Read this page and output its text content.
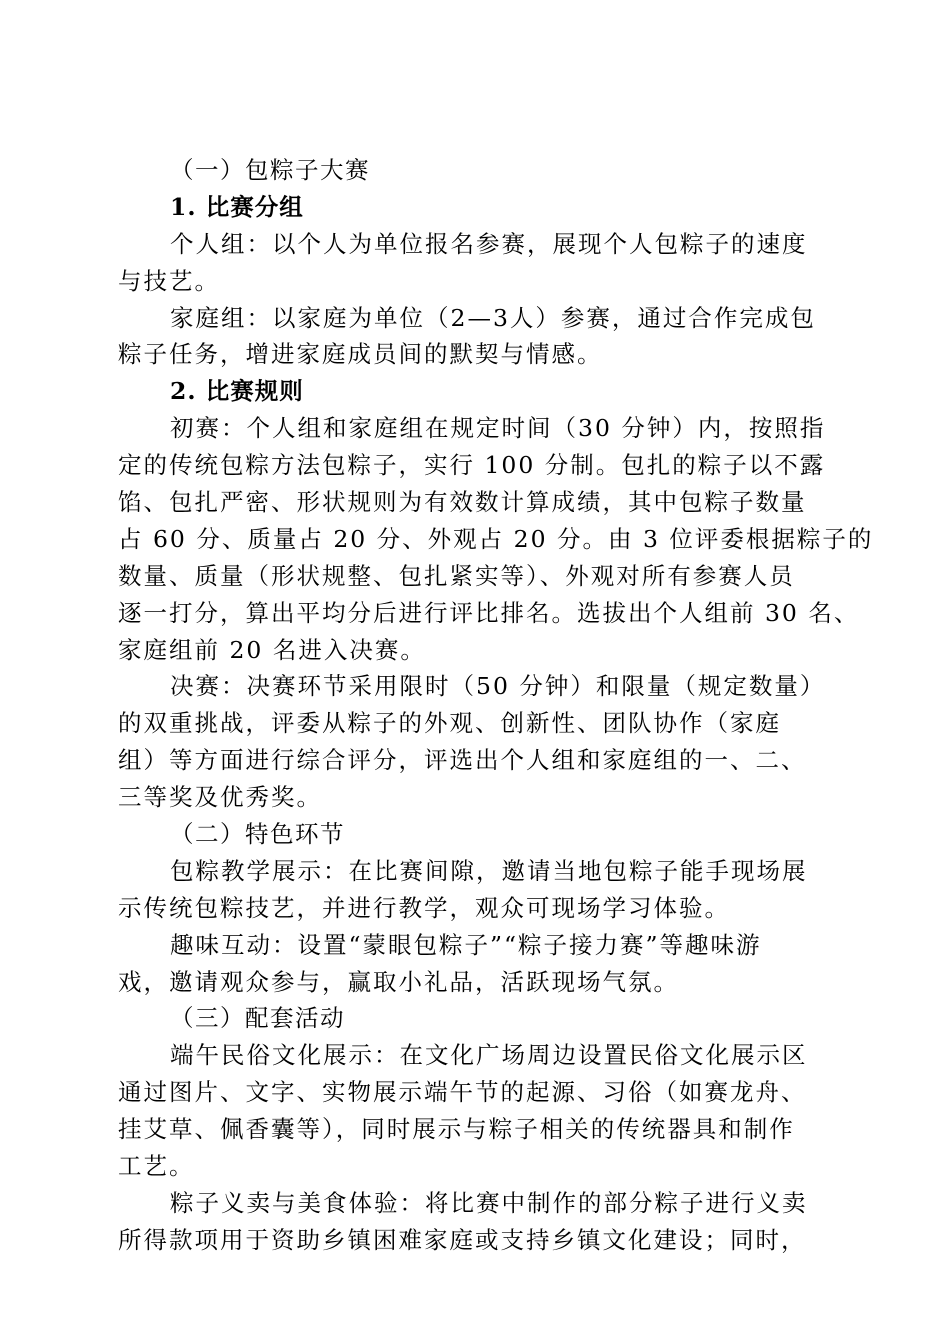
（一）包粽子大赛
1. 比赛分组
个人组：以个人为单位报名参赛，展现个人包粽子的速度
与技艺。
家庭组：以家庭为单位（2—3人）参赛，通过合作完成包
粽子任务，增进家庭成员间的默契与情感。
2. 比赛规则
初赛：个人组和家庭组在规定时间（30 分钟）内，按照指
定的传统包粽方法包粽子，实行 100 分制。包扎的粽子以不露
馅、包扎严密、形状规则为有效数计算成绩，其中包粽子数量
占 60 分、质量占 20 分、外观占 20 分。由 3 位评委根据粽子的
数量、质量（形状规整、包扎紧实等）、外观对所有参赛人员
逐一打分，算出平均分后进行评比排名。选拔出个人组前 30 名、
家庭组前 20 名进入决赛。
决赛：决赛环节采用限时（50 分钟）和限量（规定数量）
的双重挑战，评委从粽子的外观、创新性、团队协作（家庭
组）等方面进行综合评分，评选出个人组和家庭组的一、二、
三等奖及优秀奖。
（二）特色环节
包粽教学展示：在比赛间隙，邀请当地包粽子能手现场展
示传统包粽技艺，并进行教学，观众可现场学习体验。
趣味互动：设置“蒙眼包粽子”“粽子接力赛”等趣味游
戏，邀请观众参与，赢取小礼品，活跃现场气氛。
（三）配套活动
端午民俗文化展示：在文化广场周边设置民俗文化展示区
通过图片、文字、实物展示端午节的起源、习俗（如赛龙舟、
挂艾草、佩香囊等），同时展示与粽子相关的传统器具和制作
工艺。
粽子义卖与美食体验：将比赛中制作的部分粽子进行义卖
所得款项用于资助乡镇困难家庭或支持乡镇文化建设；同时，
